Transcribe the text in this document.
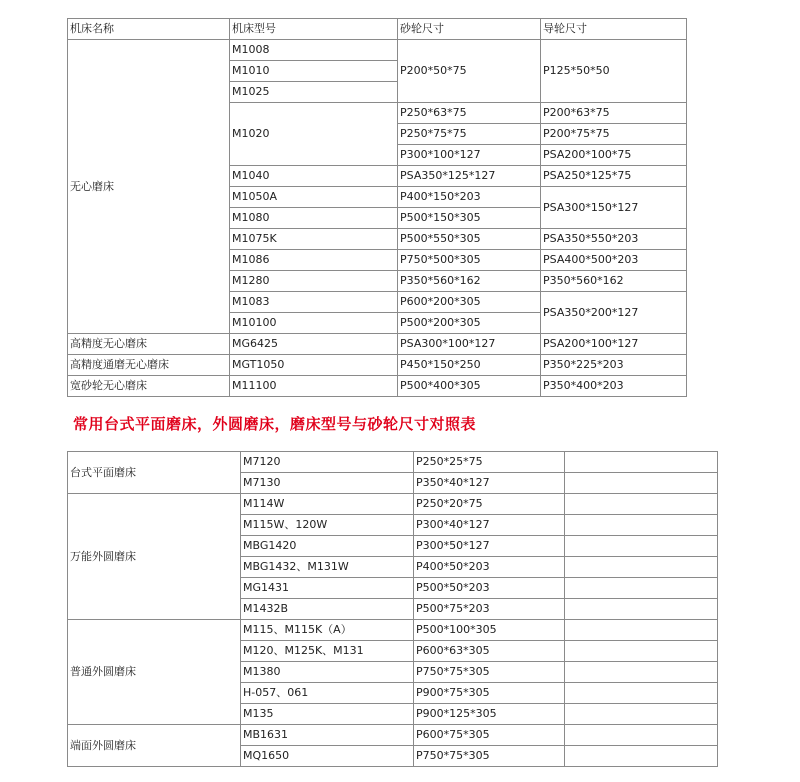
机床名称	机床型号	砂轮尺寸	导轮尺寸
无心磨床	M1008	P200*50*75	P125*50*50
	M1010		
	M1025		
	M1020	P250*63*75	P200*63*75
		P250*75*75	P200*75*75
		P300*100*127	PSA200*100*75
	M1040	PSA350*125*127	PSA250*125*75
	M1050A	P400*150*203	PSA300*150*127
	M1080	P500*150*305	
	M1075K	P500*550*305	PSA350*550*203
	M1086	P750*500*305	PSA400*500*203
	M1280	P350*560*162	P350*560*162
	M1083	P600*200*305	PSA350*200*127
	M10100	P500*200*305	
高精度无心磨床	MG6425	PSA300*100*127	PSA200*100*127
高精度通磨无心磨床	MGT1050	P450*150*250	P350*225*203
宽砂轮无心磨床	M11100	P500*400*305	P350*400*203
常用台式平面磨床，外圆磨床，磨床型号与砂轮尺寸对照表
台式平面磨床	M7120	P250*25*75	
	M7130	P350*40*127	
万能外圆磨床	M114W	P250*20*75	
	M115W、120W	P300*40*127	
	MBG1420	P300*50*127	
	MBG1432、M131W	P400*50*203	
	MG1431	P500*50*203	
	M1432B	P500*75*203	
普通外圆磨床	M115、M115K（A）	P500*100*305	
	M120、M125K、M131	P600*63*305	
	M1380	P750*75*305	
	H-057、061	P900*75*305	
	M135	P900*125*305	
端面外圆磨床	MB1631	P600*75*305	
	MQ1650	P750*75*305	
